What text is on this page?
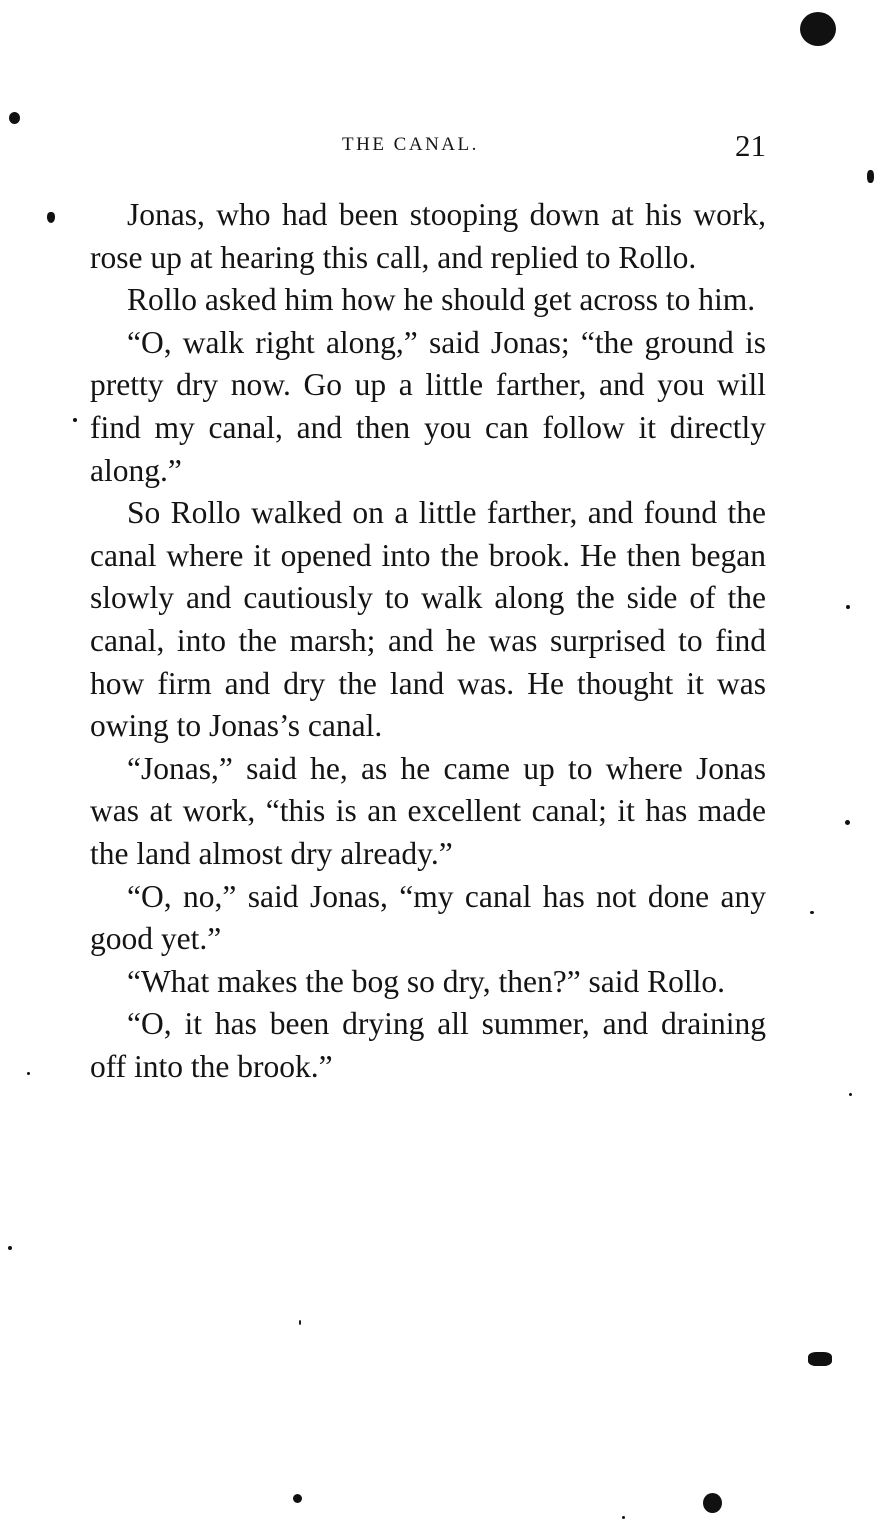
THE CANAL.	21

Jonas, who had been stooping down at his work, rose up at hearing this call, and replied to Rollo.

Rollo asked him how he should get across to him.

“O, walk right along,” said Jonas; “the ground is pretty dry now. Go up a little farther, and you will find my canal, and then you can follow it directly along.”

So Rollo walked on a little farther, and found the canal where it opened into the brook. He then began slowly and cautiously to walk along the side of the canal, into the marsh; and he was surprised to find how firm and dry the land was. He thought it was owing to Jonas’s canal.

“Jonas,” said he, as he came up to where Jonas was at work, “this is an excellent canal; it has made the land almost dry already.”

“O, no,” said Jonas, “my canal has not done any good yet.”

“What makes the bog so dry, then?” said Rollo.

“O, it has been drying all summer, and draining off into the brook.”
